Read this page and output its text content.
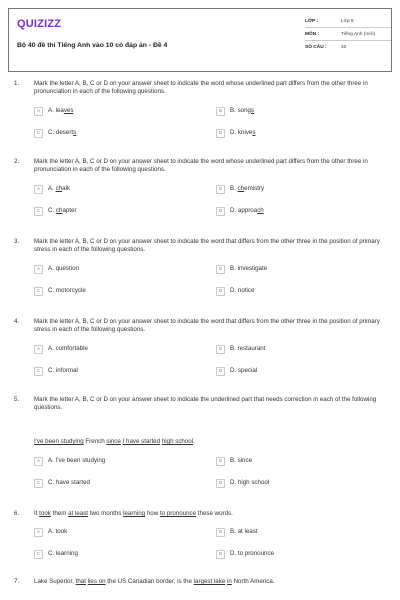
QUIZIZZ
Bộ 40 đề thi Tiếng Anh vào 10 có đáp án - Đề 4
LỚP :	Lớp 9
MÔN :	Tiếng Anh (mới)
SỐ CÂU :	40
1. Mark the letter A, B, C or D on your answer sheet to indicate the word whose underlined part differs from the other three in pronunciation in each of the following questions.
A	A. leaves	B	B. songs
C	C. deserts	D	D. knives
2. Mark the letter A, B, C or D on your answer sheet to indicate the word whose underlined part differs from the other three in pronunciation in each of the following questions.
A	A. chalk	B	B. chemistry
C	C. chapter	D	D. approach
3. Mark the letter A, B, C or D on your answer sheet to indicate the word that differs from the other three in the position of primary stress in each of the following questions.
A	A. question	B	B. investigate
C	C. motorcycle	D	D. notice
4. Mark the letter A, B, C or D on your answer sheet to indicate the word that differs from the other three in the position of primary stress in each of the following questions.
A	A. comfortable	B	B. restaurant
C	C. informal	D	D. special
5. Mark the letter A, B, C or D on your answer sheet to indicate the underlined part that needs correction in each of the following questions.
I've been studying French since I have started high school.
A	A. I've been studying	B	B. since
C	C. have started	D	D. high school
6. It took them at least two months learning how to pronounce these words.
A	A. took	B	B. at least
C	C. learning	D	D. to pronounce
7. Lake Superior, that lies on the US Canadian border, is the largest lake in North America.
